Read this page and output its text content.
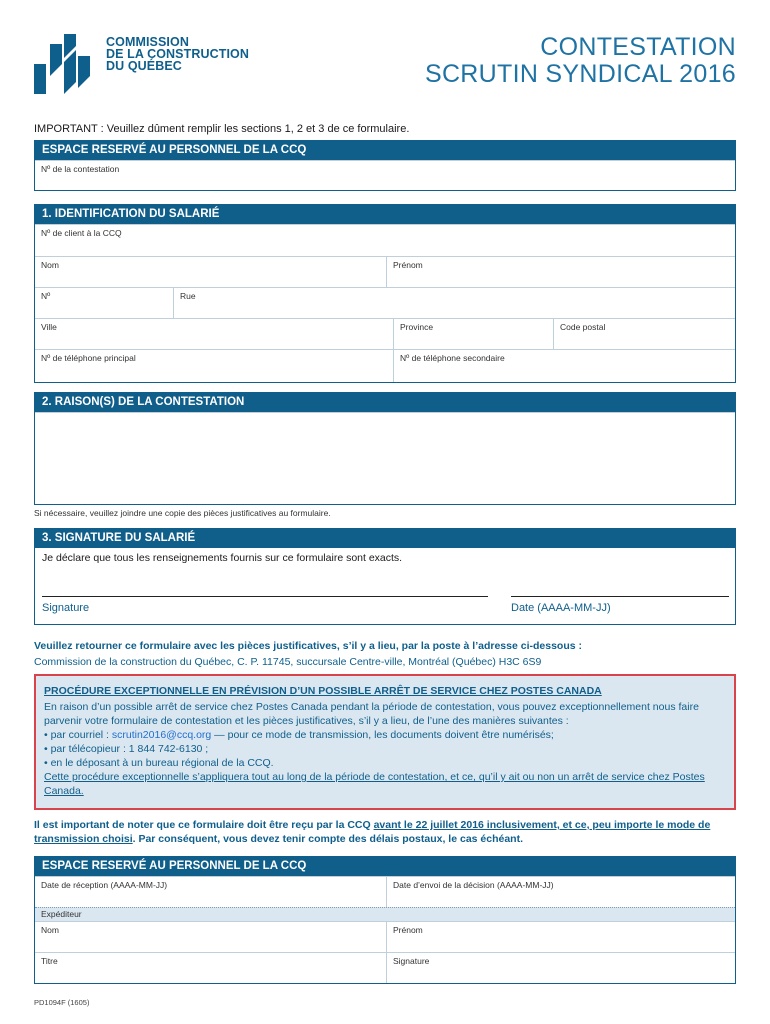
COMMISSION
DE LA CONSTRUCTION
DU QUÉBEC
CONTESTATION
SCRUTIN SYNDICAL 2016
IMPORTANT : Veuillez dûment remplir les sections 1, 2 et 3 de ce formulaire.
ESPACE RESERVÉ AU PERSONNEL DE LA CCQ
Nº de la contestation
1. IDENTIFICATION DU SALARIÉ
Nº de client à la CCQ
Nom	Prénom
Nº	Rue
Ville	Province	Code postal
Nº de téléphone principal	Nº de téléphone secondaire
2. RAISON(S) DE LA CONTESTATION
Si nécessaire, veuillez joindre une copie des pièces justificatives au formulaire.
3. SIGNATURE DU SALARIÉ
Je déclare que tous les renseignements fournis sur ce formulaire sont exacts.
Signature	Date (AAAA-MM-JJ)
Veuillez retourner ce formulaire avec les pièces justificatives, s’il y a lieu, par la poste à l’adresse ci-dessous :
Commission de la construction du Québec, C. P. 11745, succursale Centre-ville, Montréal (Québec) H3C 6S9
PROCÉDURE EXCEPTIONNELLE EN PRÉVISION D’UN POSSIBLE ARRÊT DE SERVICE CHEZ POSTES CANADA
En raison d’un possible arrêt de service chez Postes Canada pendant la période de contestation, vous pouvez exceptionnellement nous faire parvenir votre formulaire de contestation et les pièces justificatives, s’il y a lieu, de l’une des manières suivantes :
• par courriel : scrutin2016@ccq.org — pour ce mode de transmission, les documents doivent être numérisés;
• par télécopieur : 1 844 742-6130 ;
• en le déposant à un bureau régional de la CCQ.
Cette procédure exceptionnelle s’appliquera tout au long de la période de contestation, et ce, qu’il y ait ou non un arrêt de service chez Postes Canada.
Il est important de noter que ce formulaire doit être reçu par la CCQ avant le 22 juillet 2016 inclusivement, et ce, peu importe le mode de transmission choisi. Par conséquent, vous devez tenir compte des délais postaux, le cas échéant.
ESPACE RESERVÉ AU PERSONNEL DE LA CCQ
Date de réception (AAAA-MM-JJ)	Date d’envoi de la décision (AAAA-MM-JJ)
Expéditeur
Nom	Prénom
Titre	Signature
PD1094F (1605)
